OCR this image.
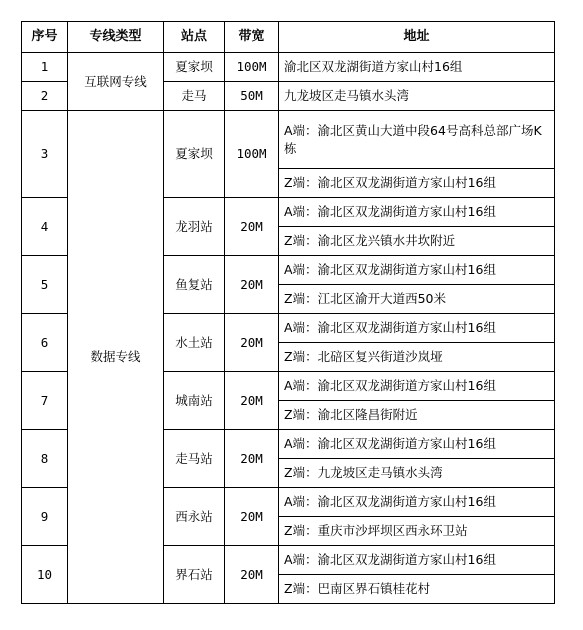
序号	专线类型	站点	带宽	地址
1	互联网专线	夏家坝	100M	渝北区双龙湖街道方家山村16组
2		走马	50M	九龙坡区走马镇水头湾
3	数据专线	夏家坝	100M	A端：渝北区黄山大道中段64号高科总部广场K栋
				Z端：渝北区双龙湖街道方家山村16组
4		龙羽站	20M	A端：渝北区双龙湖街道方家山村16组
				Z端：渝北区龙兴镇水井坎附近
5		鱼复站	20M	A端：渝北区双龙湖街道方家山村16组
				Z端：江北区渝开大道西50米
6		水土站	20M	A端：渝北区双龙湖街道方家山村16组
				Z端：北碚区复兴街道沙岚垭
7		城南站	20M	A端：渝北区双龙湖街道方家山村16组
				Z端：渝北区隆昌街附近
8		走马站	20M	A端：渝北区双龙湖街道方家山村16组
				Z端：九龙坡区走马镇水头湾
9		西永站	20M	A端：渝北区双龙湖街道方家山村16组
				Z端：重庆市沙坪坝区西永环卫站
10		界石站	20M	A端：渝北区双龙湖街道方家山村16组
				Z端：巴南区界石镇桂花村
